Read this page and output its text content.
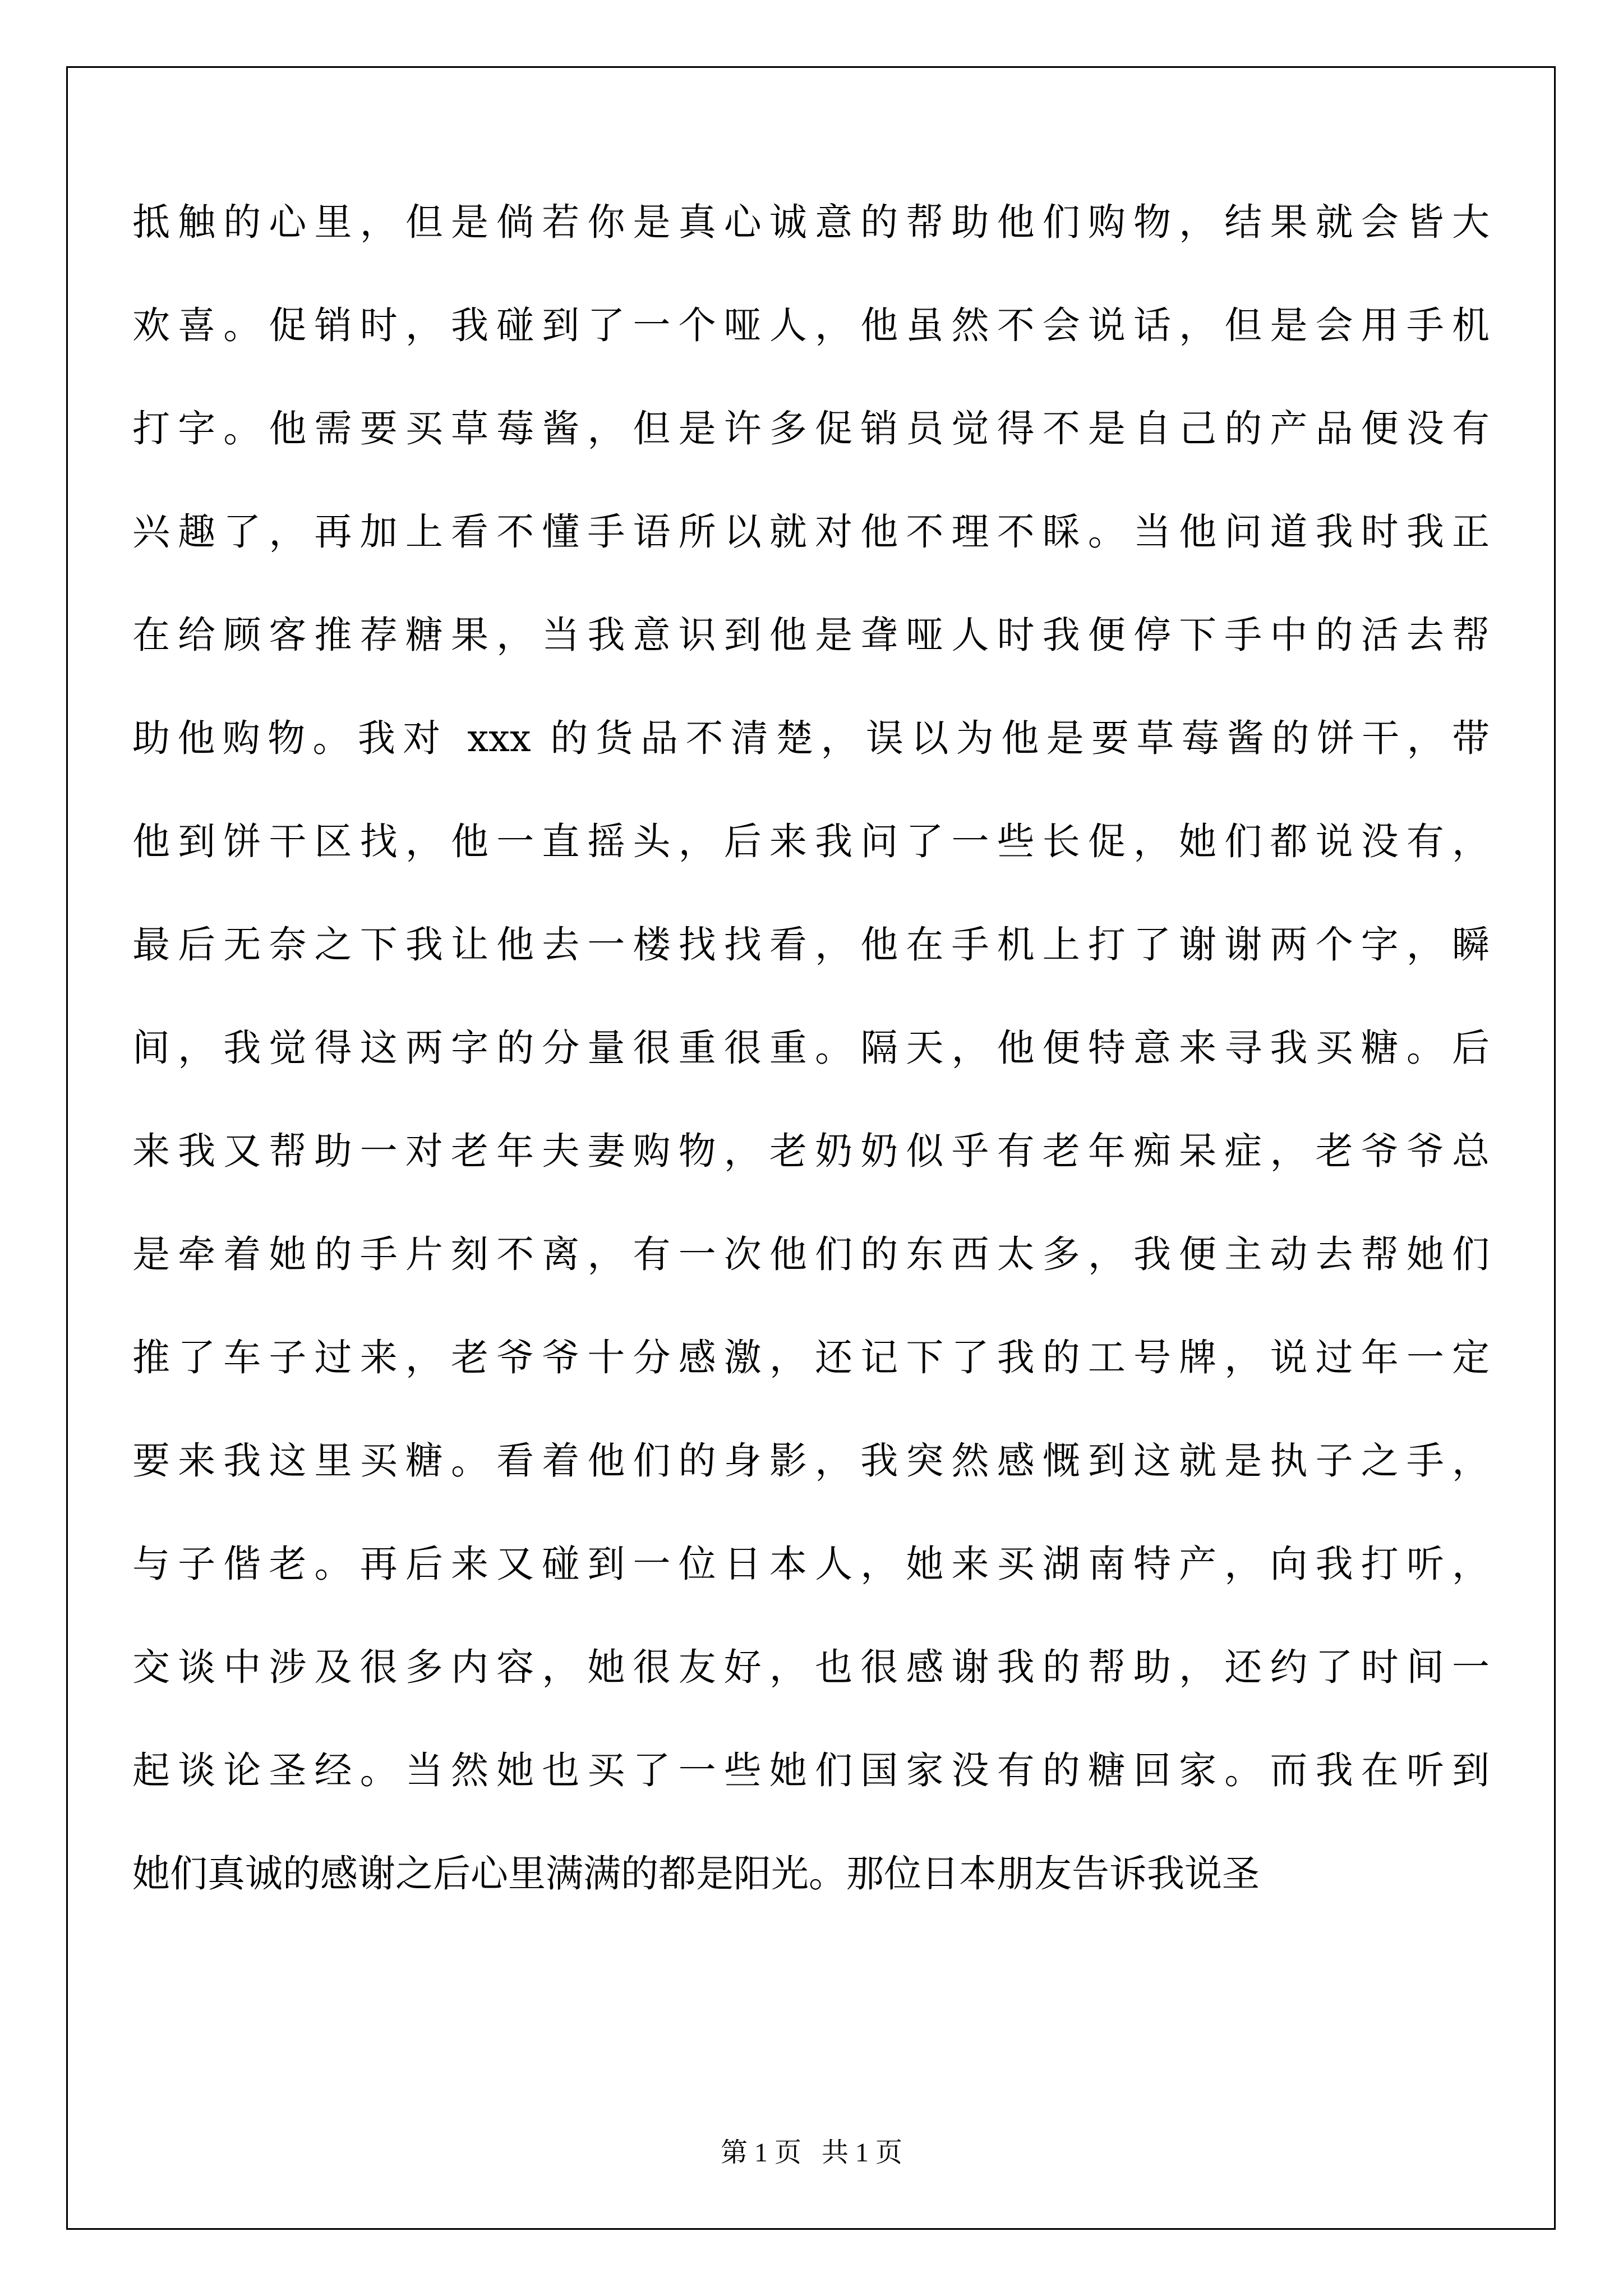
抵触的心里，但是倘若你是真心诚意的帮助他们购物，结果就会皆大
欢喜。促销时，我碰到了一个哑人，他虽然不会说话，但是会用手机
打字。他需要买草莓酱，但是许多促销员觉得不是自己的产品便没有
兴趣了，再加上看不懂手语所以就对他不理不睬。当他问道我时我正
在给顾客推荐糖果，当我意识到他是聋哑人时我便停下手中的活去帮
助他购物。我对 xxx 的货品不清楚，误以为他是要草莓酱的饼干，带
他到饼干区找，他一直摇头，后来我问了一些长促，她们都说没有，
最后无奈之下我让他去一楼找找看，他在手机上打了谢谢两个字，瞬
间，我觉得这两字的分量很重很重。隔天，他便特意来寻我买糖。后
来我又帮助一对老年夫妻购物，老奶奶似乎有老年痴呆症，老爷爷总
是牵着她的手片刻不离，有一次他们的东西太多，我便主动去帮她们
推了车子过来，老爷爷十分感激，还记下了我的工号牌，说过年一定
要来我这里买糖。看着他们的身影，我突然感慨到这就是执子之手，
与子偕老。再后来又碰到一位日本人，她来买湖南特产，向我打听，
交谈中涉及很多内容，她很友好，也很感谢我的帮助，还约了时间一
起谈论圣经。当然她也买了一些她们国家没有的糖回家。而我在听到
她们真诚的感谢之后心里满满的都是阳光。那位日本朋友告诉我说圣
第 1 页   共 1 页
